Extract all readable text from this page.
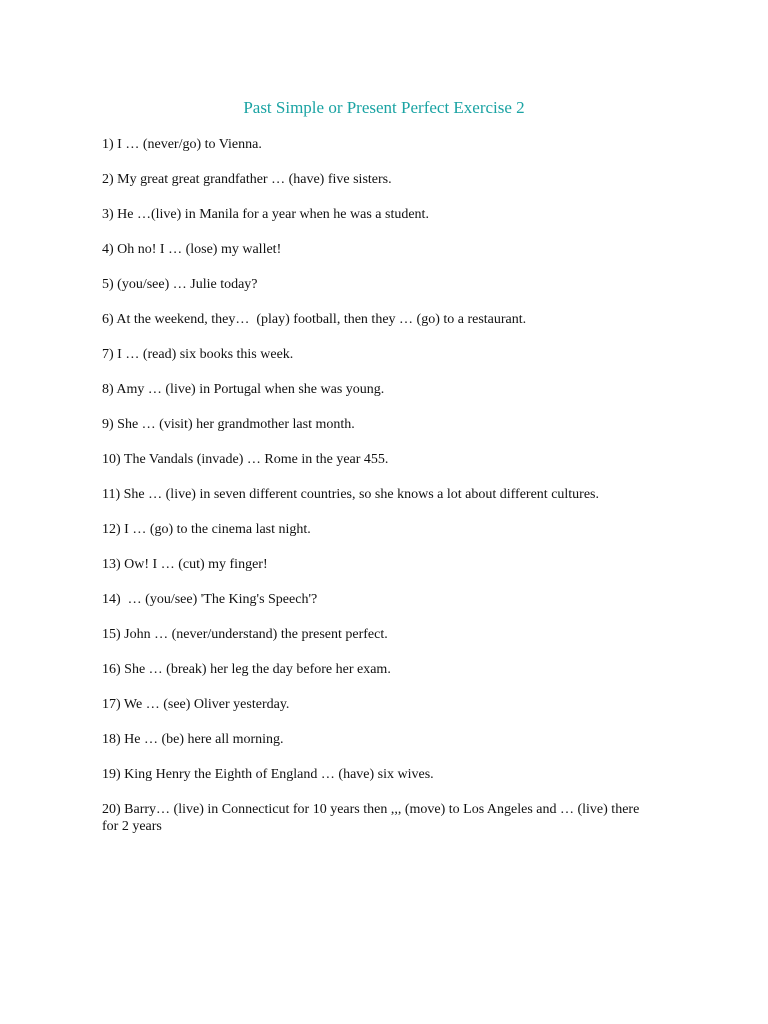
Past Simple or Present Perfect Exercise 2
1) I … (never/go) to Vienna.
2) My great great grandfather … (have) five sisters.
3) He …(live) in Manila for a year when he was a student.
4) Oh no! I … (lose) my wallet!
5) (you/see) … Julie today?
6) At the weekend, they…  (play) football, then they … (go) to a restaurant.
7) I … (read) six books this week.
8) Amy … (live) in Portugal when she was young.
9) She … (visit) her grandmother last month.
10) The Vandals (invade) … Rome in the year 455.
11) She … (live) in seven different countries, so she knows a lot about different cultures.
12) I … (go) to the cinema last night.
13) Ow! I … (cut) my finger!
14)  … (you/see) 'The King's Speech'?
15) John … (never/understand) the present perfect.
16) She … (break) her leg the day before her exam.
17) We … (see) Oliver yesterday.
18) He … (be) here all morning.
19) King Henry the Eighth of England … (have) six wives.
20) Barry… (live) in Connecticut for 10 years then ,,, (move) to Los Angeles and … (live) there for 2 years
